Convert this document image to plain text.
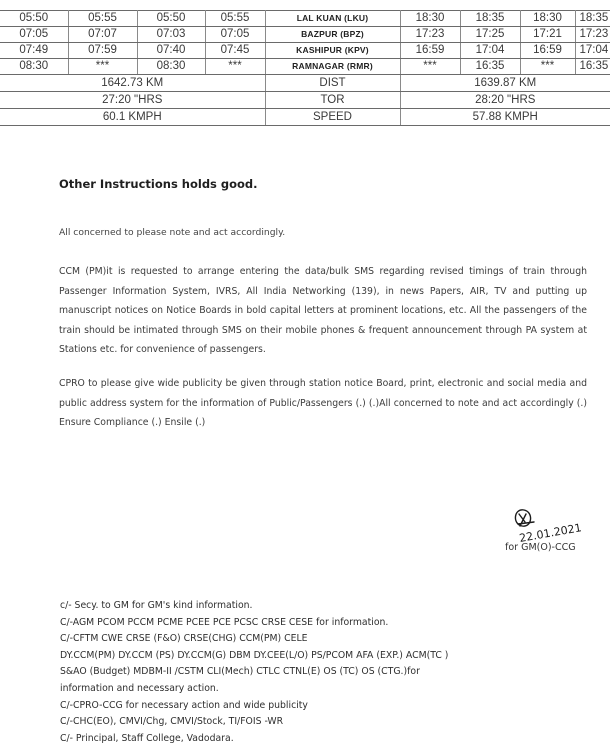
05:50	05:55	05:50	05:55	LAL KUAN (LKU)	18:30	18:35	18:30	18:35
07:05	07:07	07:03	07:05	BAZPUR (BPZ)	17:23	17:25	17:21	17:23
07:49	07:59	07:40	07:45	KASHIPUR (KPV)	16:59	17:04	16:59	17:04
08:30	***	08:30	***	RAMNAGAR (RMR)	***	16:35	***	16:35
1642.73 KM				DIST	1639.87 KM			
27:20 "HRS				TOR	28:20 "HRS			
60.1 KMPH				SPEED	57.88 KMPH			
Other Instructions holds good.
All concerned to please note and act accordingly.
CCM (PM)it is requested to arrange entering the data/bulk SMS regarding revised timings of train through Passenger Information System, IVRS, All India Networking (139), in news Papers, AIR, TV and putting up manuscript notices on Notice Boards in bold capital letters at prominent locations, etc. All the passengers of the train should be intimated through SMS on their mobile phones & frequent announcement through PA system at Stations etc. for convenience of passengers.
CPRO to please give wide publicity be given through station notice Board, print, electronic and social media and public address system for the information of Public/Passengers (.) (.)All concerned to note and act accordingly (.) Ensure Compliance (.) Ensile (.)
22.01.2021
for GM(O)-CCG
c/- Secy. to GM for GM's kind information.
C/-AGM PCOM PCCM PCME PCEE PCE PCSC CRSE CESE for information.
C/-CFTM CWE CRSE (F&O) CRSE(CHG) CCM(PM) CELE
DY.CCM(PM) DY.CCM (PS) DY.CCM(G) DBM DY.CEE(L/O) PS/PCOM AFA (EXP.) ACM(TC )
S&AO (Budget) MDBM-II /CSTM CLI(Mech) CTLC CTNL(E) OS (TC) OS (CTG.)for
information and necessary action.
C/-CPRO-CCG for necessary action and wide publicity
C/-CHC(EO), CMVI/Chg, CMVI/Stock, TI/FOIS -WR
C/- Principal, Staff College, Vadodara.
